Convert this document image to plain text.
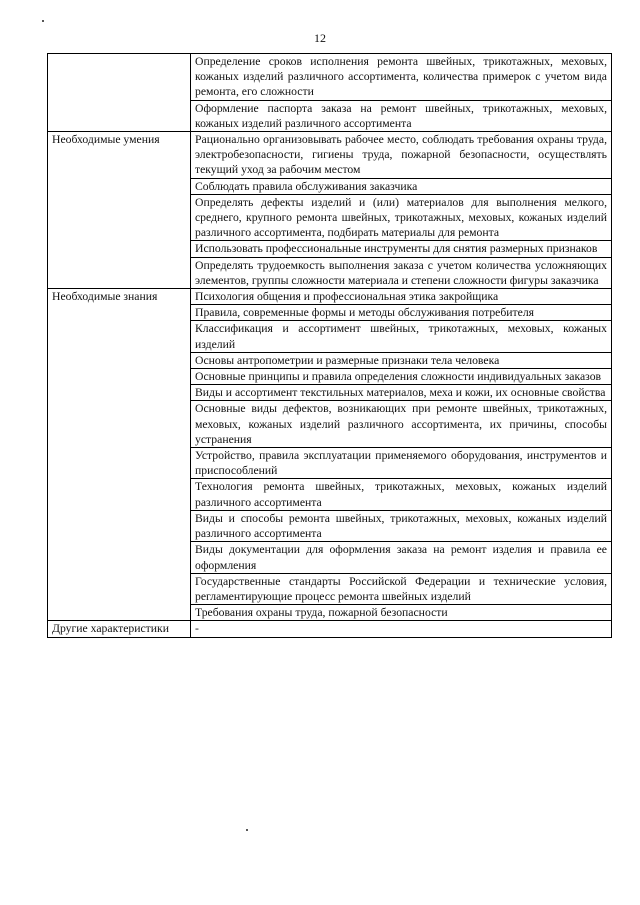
12
	Определение сроков исполнения ремонта швейных, трикотажных, меховых, кожаных изделий различного ассортимента, количества примерок с учетом вида ремонта, его сложности
	Оформление паспорта заказа на ремонт швейных, трикотажных, меховых, кожаных изделий различного ассортимента
Необходимые умения	Рационально организовывать рабочее место, соблюдать требования охраны труда, электробезопасности, гигиены труда, пожарной безопасности, осуществлять текущий уход за рабочим местом
	Соблюдать правила обслуживания заказчика
	Определять дефекты изделий и (или) материалов для выполнения мелкого, среднего, крупного ремонта швейных, трикотажных, меховых, кожаных изделий различного ассортимента, подбирать материалы для ремонта
	Использовать профессиональные инструменты для снятия размерных признаков
	Определять трудоемкость выполнения заказа с учетом количества усложняющих элементов, группы сложности материала и степени сложности фигуры заказчика
Необходимые знания	Психология общения и профессиональная этика закройщика
	Правила, современные формы и методы обслуживания потребителя
	Классификация и ассортимент швейных, трикотажных, меховых, кожаных изделий
	Основы антропометрии и размерные признаки тела человека
	Основные принципы и правила определения сложности индивидуальных заказов
	Виды и ассортимент текстильных материалов, меха и кожи, их основные свойства
	Основные виды дефектов, возникающих при ремонте швейных, трикотажных, меховых, кожаных изделий различного ассортимента, их причины, способы устранения
	Устройство, правила эксплуатации применяемого оборудования, инструментов и приспособлений
	Технология ремонта швейных, трикотажных, меховых, кожаных изделий различного ассортимента
	Виды и способы ремонта швейных, трикотажных, меховых, кожаных изделий различного ассортимента
	Виды документации для оформления заказа на ремонт изделия и правила ее оформления
	Государственные стандарты Российской Федерации и технические условия, регламентирующие процесс ремонта швейных изделий
	Требования охраны труда, пожарной безопасности
Другие характеристики	-
